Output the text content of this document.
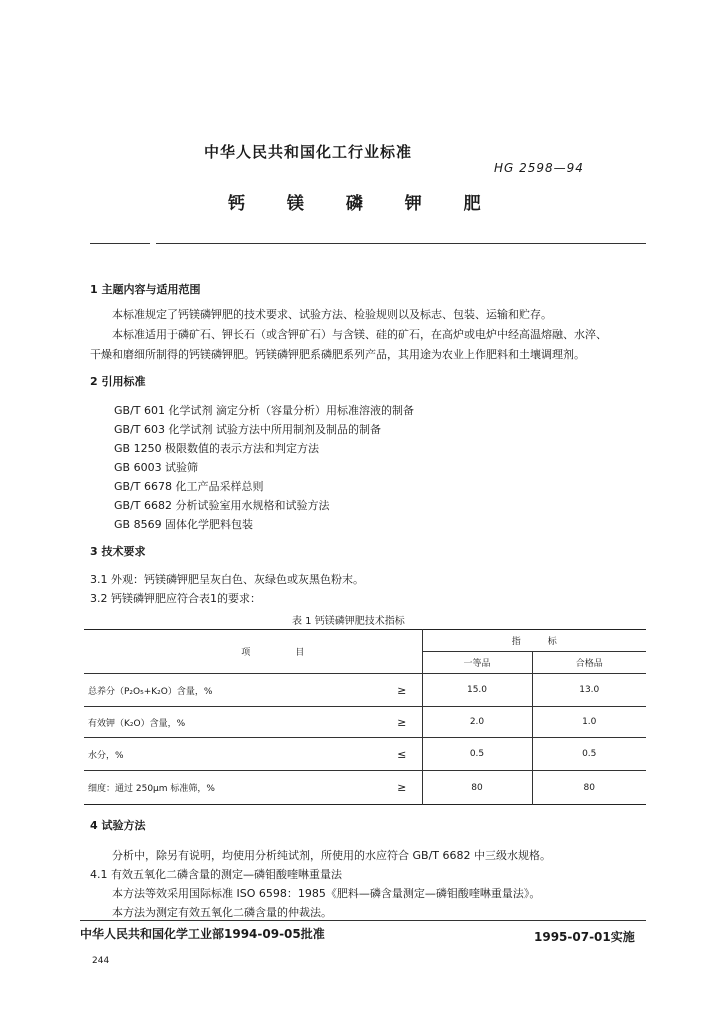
中华人民共和国化工行业标准
HG 2598—94
钙 镁 磷 钾 肥
1 主题内容与适用范围
本标准规定了钙镁磷钾肥的技术要求、试验方法、检验规则以及标志、包装、运输和贮存。
本标准适用于磷矿石、钾长石（或含钾矿石）与含镁、硅的矿石，在高炉或电炉中经高温熔融、水淬、
干燥和磨细所制得的钙镁磷钾肥。钙镁磷钾肥系磷肥系列产品，其用途为农业上作肥料和土壤调理剂。
2 引用标准
GB/T 601 化学试剂 滴定分析（容量分析）用标准溶液的制备
GB/T 603 化学试剂 试验方法中所用制剂及制品的制备
GB 1250 极限数值的表示方法和判定方法
GB 6003 试验筛
GB/T 6678 化工产品采样总则
GB/T 6682 分析试验室用水规格和试验方法
GB 8569 固体化学肥料包装
3 技术要求
3.1 外观：钙镁磷钾肥呈灰白色、灰绿色或灰黑色粉末。
3.2 钙镁磷钾肥应符合表1的要求：
表 1 钙镁磷钾肥技术指标
项　　　　　目		指　　　标	
		一等品	合格品
总养分（P₂O₅+K₂O）含量，%	≥	15.0	13.0
有效钾（K₂O）含量，%	≥	2.0	1.0
水分，%	≤	0.5	0.5
细度：通过 250μm 标准筛，%	≥	80	80
4 试验方法
分析中，除另有说明，均使用分析纯试剂，所使用的水应符合 GB/T 6682 中三级水规格。
4.1 有效五氧化二磷含量的测定—磷钼酸喹啉重量法
本方法等效采用国际标准 ISO 6598：1985《肥料—磷含量测定—磷钼酸喹啉重量法》。
本方法为测定有效五氧化二磷含量的仲裁法。
中华人民共和国化学工业部1994-09-05批准	1995-07-01实施
244
